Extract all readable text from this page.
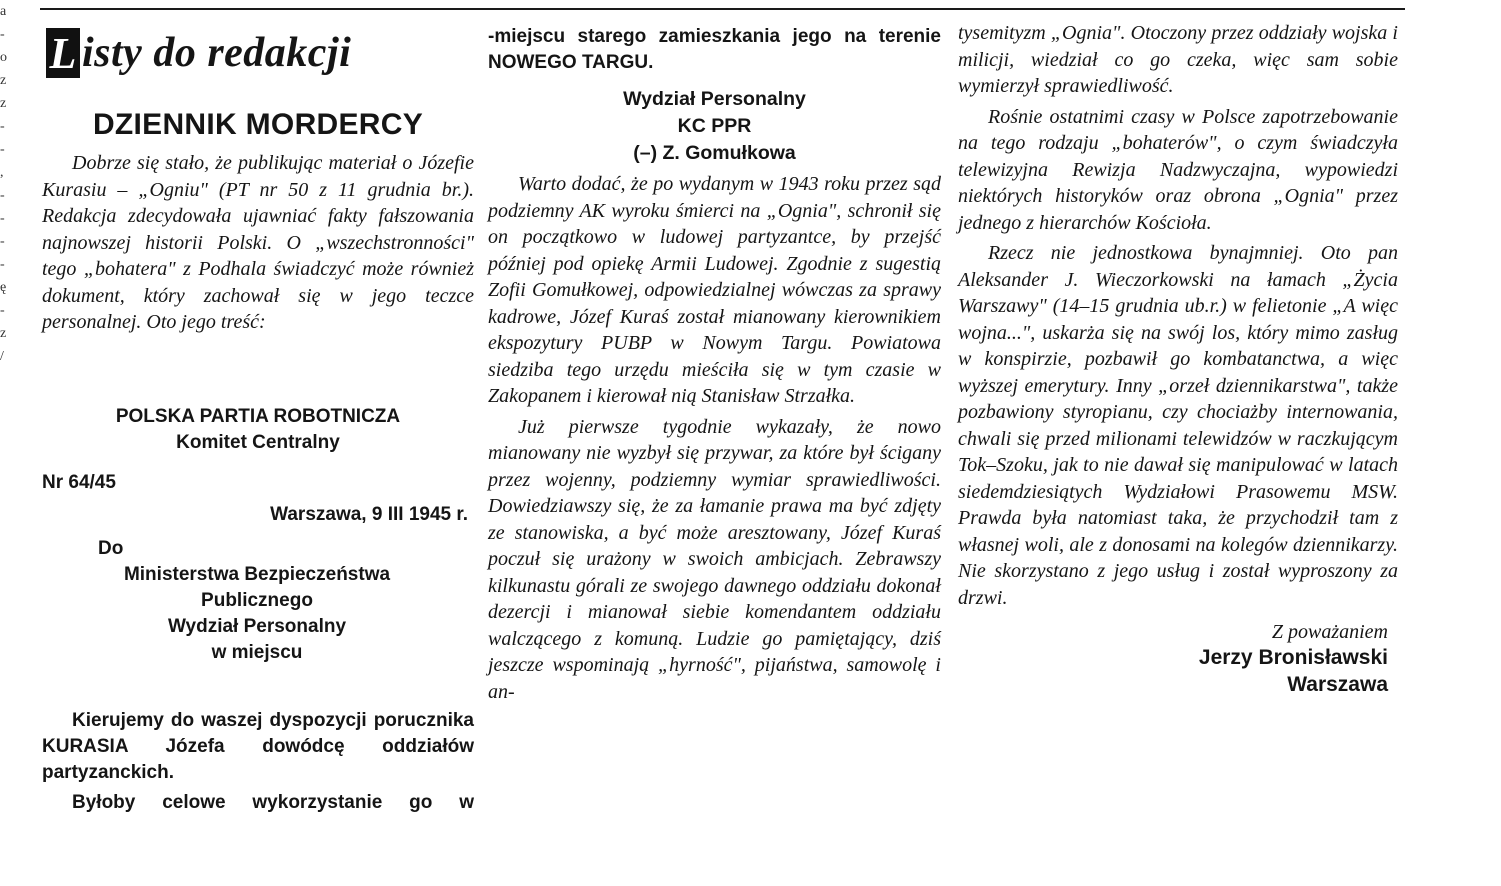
a
-
o
z
z
-
-
,
-
-
-
-
ę
-
z
/
L isty do redakcji
DZIENNIK MORDERCY

Dobrze się stało, że publikując materiał o Józefie Kurasiu – „Ogniu" (PT nr 50 z 11 grudnia br.). Redakcja zdecydowała ujawniać fakty fałszowania najnowszej historii Polski. O „wszechstronności" tego „bohatera" z Podhala świadczyć może również dokument, który zachował się w jego teczce personalnej. Oto jego treść:

POLSKA PARTIA ROBOTNICZA
Komitet Centralny
Nr 64/45
Warszawa, 9 III 1945 r.
Do
Ministerstwa Bezpieczeństwa
Publicznego
Wydział Personalny
w miejscu

Kierujemy do waszej dyspozycji porucznika KURASIA Józefa dowódcę oddziałów partyzanckich.

Byłoby celowe wykorzystanie go w

-miejscu starego zamieszkania jego na terenie NOWEGO TARGU.

Wydział Personalny
KC PPR
(–) Z. Gomułkowa

Warto dodać, że po wydanym w 1943 roku przez sąd podziemny AK wyroku śmierci na „Ognia", schronił się on początkowo w ludowej partyzantce, by przejść później pod opiekę Armii Ludowej. Zgodnie z sugestią Zofii Gomułkowej, odpowiedzialnej wówczas za sprawy kadrowe, Józef Kuraś został mianowany kierownikiem ekspozytury PUBP w Nowym Targu. Powiatowa siedziba tego urzędu mieściła się w tym czasie w Zakopanem i kierował nią Stanisław Strzałka.

Już pierwsze tygodnie wykazały, że nowo mianowany nie wyzbył się przywar, za które był ścigany przez wojenny, podziemny wymiar sprawiedliwości. Dowiedziawszy się, że za łamanie prawa ma być zdjęty ze stanowiska, a być może aresztowany, Józef Kuraś poczuł się urażony w swoich ambicjach. Zebrawszy kilkunastu górali ze swojego dawnego oddziału dokonał dezercji i mianował siebie komendantem oddziału walczącego z komuną. Ludzie go pamiętający, dziś jeszcze wspominają „hyrność", pijaństwa, samowolę i an-

tysemityzm „Ognia". Otoczony przez oddziały wojska i milicji, wiedział co go czeka, więc sam sobie wymierzył sprawiedliwość.

Rośnie ostatnimi czasy w Polsce zapotrzebowanie na tego rodzaju „bohaterów", o czym świadczyła telewizyjna Rewizja Nadzwyczajna, wypowiedzi niektórych historyków oraz obrona „Ognia" przez jednego z hierarchów Kościoła.

Rzecz nie jednostkowa bynajmniej. Oto pan Aleksander J. Wieczorkowski na łamach „Życia Warszawy" (14–15 grudnia ub.r.) w felietonie „A więc wojna...", uskarża się na swój los, który mimo zasług w konspirzie, pozbawił go kombatanctwa, a więc wyższej emerytury. Inny „orzeł dziennikarstwa", także pozbawiony styropianu, czy chociażby internowania, chwali się przed milionami telewidzów w raczkującym Tok–Szoku, jak to nie dawał się manipulować w latach siedemdziesiątych Wydziałowi Prasowemu MSW. Prawda była natomiast taka, że przychodził tam z własnej woli, ale z donosami na kolegów dziennikarzy. Nie skorzystano z jego usług i został wyproszony za drzwi.

Z poważaniem
Jerzy Bronisławski
Warszawa
